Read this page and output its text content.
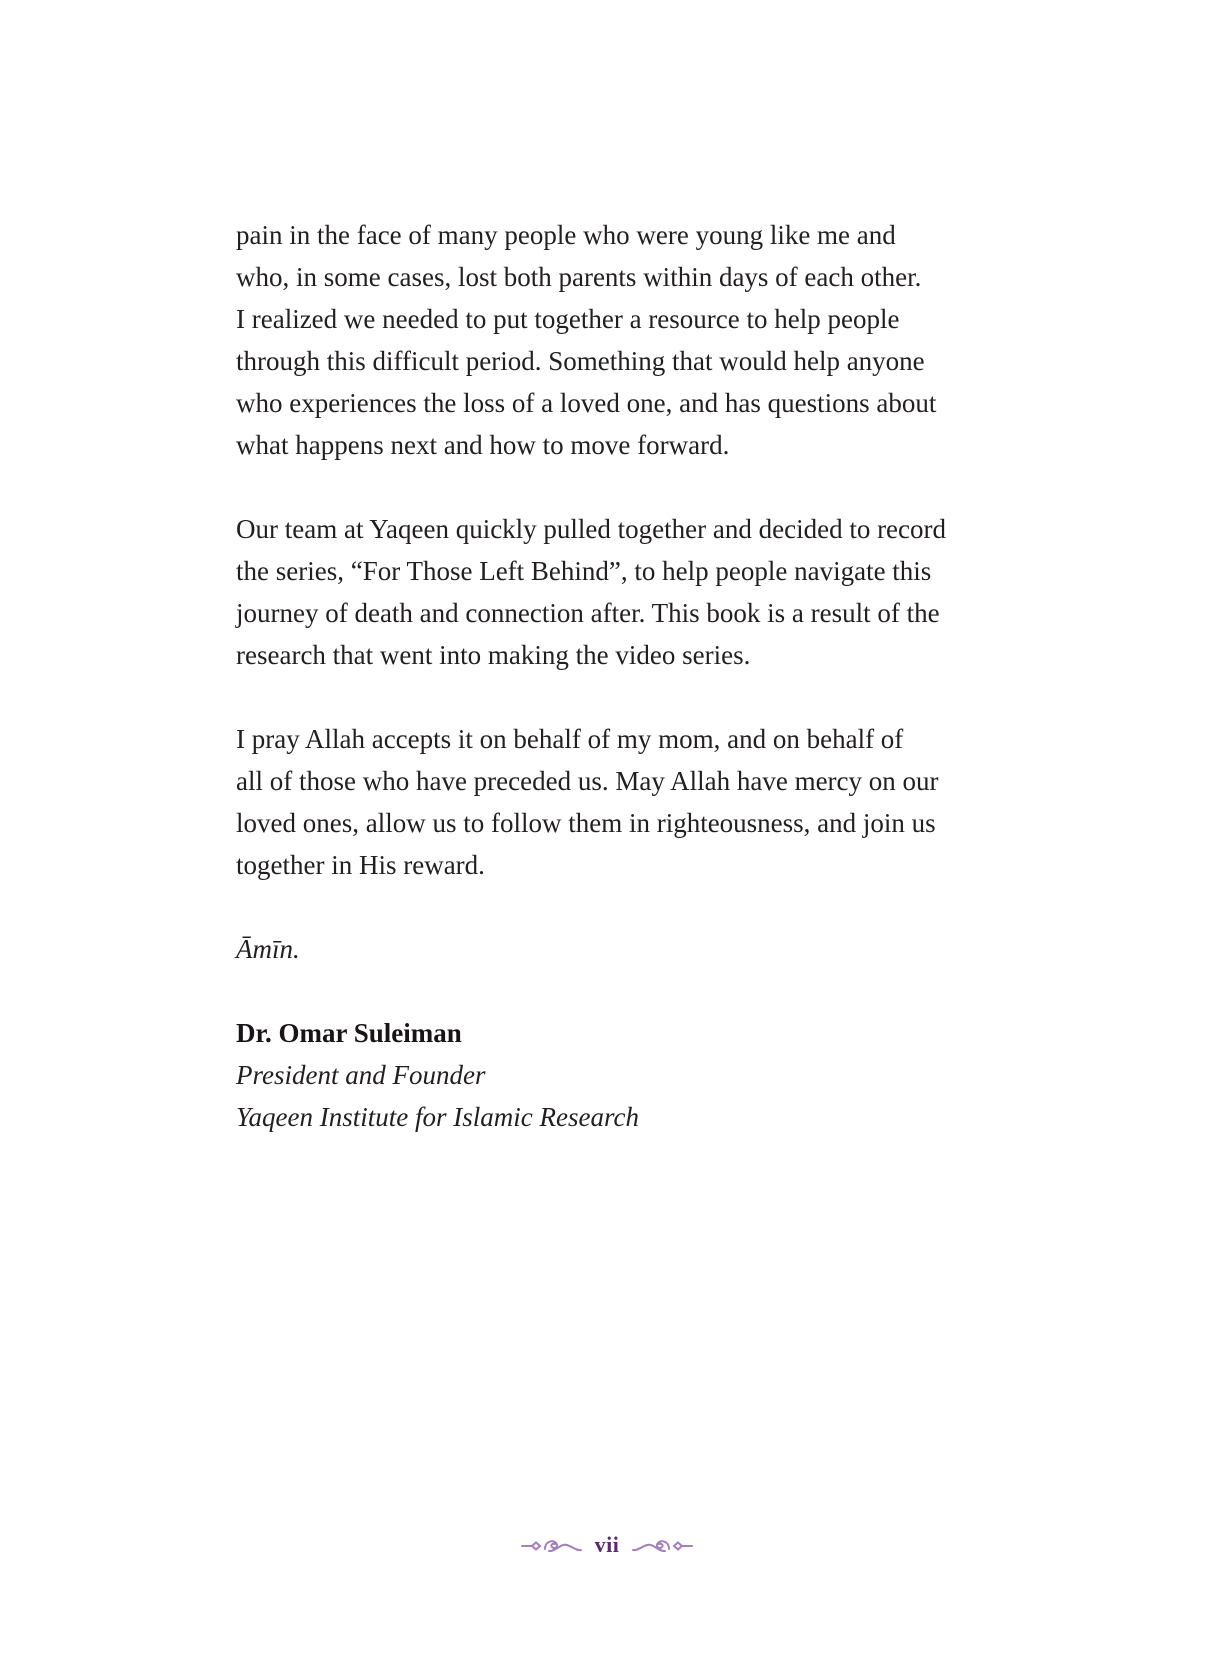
pain in the face of many people who were young like me and
who, in some cases, lost both parents within days of each other.
I realized we needed to put together a resource to help people
through this difficult period. Something that would help anyone
who experiences the loss of a loved one, and has questions about
what happens next and how to move forward.
Our team at Yaqeen quickly pulled together and decided to record
the series, “For Those Left Behind”, to help people navigate this
journey of death and connection after. This book is a result of the
research that went into making the video series.
I pray Allah accepts it on behalf of my mom, and on behalf of
all of those who have preceded us. May Allah have mercy on our
loved ones, allow us to follow them in righteousness, and join us
together in His reward.
Āmīn.
Dr. Omar Suleiman
President and Founder
Yaqeen Institute for Islamic Research
vii
